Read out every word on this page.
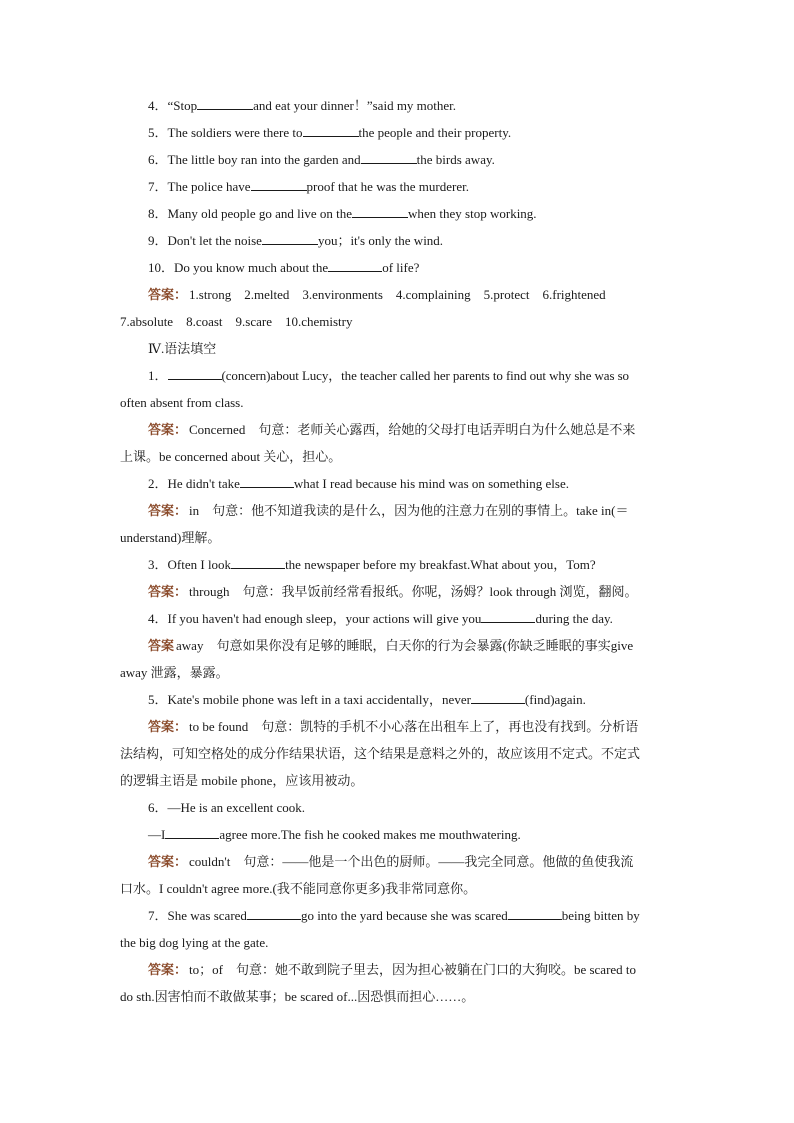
4．“Stop	and eat your dinner！”said my mother.
5．The soldiers were there to	the people and their property.
6．The little boy ran into the garden and	the birds away.
7．The police have	proof that he was the murderer.
8．Many old people go and live on the	when they stop working.
9．Don't let the noise	you；it's only the wind.
10．Do you know much about the	of life?
答案： 1.strong　2.melted　3.environments　4.complaining　5.protect　6.frightened
7.absolute　8.coast　9.scare　10.chemistry
Ⅳ.语法填空
1．	(concern)about Lucy，the teacher called her parents to find out why she was so
often absent from class.
答案： Concerned　句意：老师关心露西，给她的父母打电话弄明白为什么她总是不来
上课。be concerned about 关心，担心。
2．He didn't take	what I read because his mind was on something else.
答案： in　句意：他不知道我读的是什么，因为他的注意力在别的事情上。take in(＝
understand)理解。
3．Often I look	the newspaper before my breakfast.What about you，Tom?
答案： through　句意：我早饭前经常看报纸。你呢，汤姆？look through 浏览，翻阅。
4．If you haven't had enough sleep，your actions will give you	during the day.
答案 away　句意如果你没有足够的睡眠，白天你的行为会暴露(你缺乏睡眠的事实give
away 泄露，暴露。
5．Kate's mobile phone was left in a taxi accidentally，never	(find)again.
答案： to be found　句意：凯特的手机不小心落在出租车上了，再也没有找到。分析语
法结构，可知空格处的成分作结果状语，这个结果是意料之外的，故应该用不定式。不定式
的逻辑主语是 mobile phone，应该用被动。
6．—He is an excellent cook.
—I	agree more.The fish he cooked makes me mouthwatering.
答案： couldn't　句意：——他是一个出色的厨师。——我完全同意。他做的鱼使我流
口水。I couldn't agree more.(我不能同意你更多)我非常同意你。
7．She was scared	go into the yard because she was scared	being bitten by
the big dog lying at the gate.
答案： to；of　句意：她不敢到院子里去，因为担心被躺在门口的大狗咬。be scared to
do sth.因害怕而不敢做某事；be scared of...因恐惧而担心……。
